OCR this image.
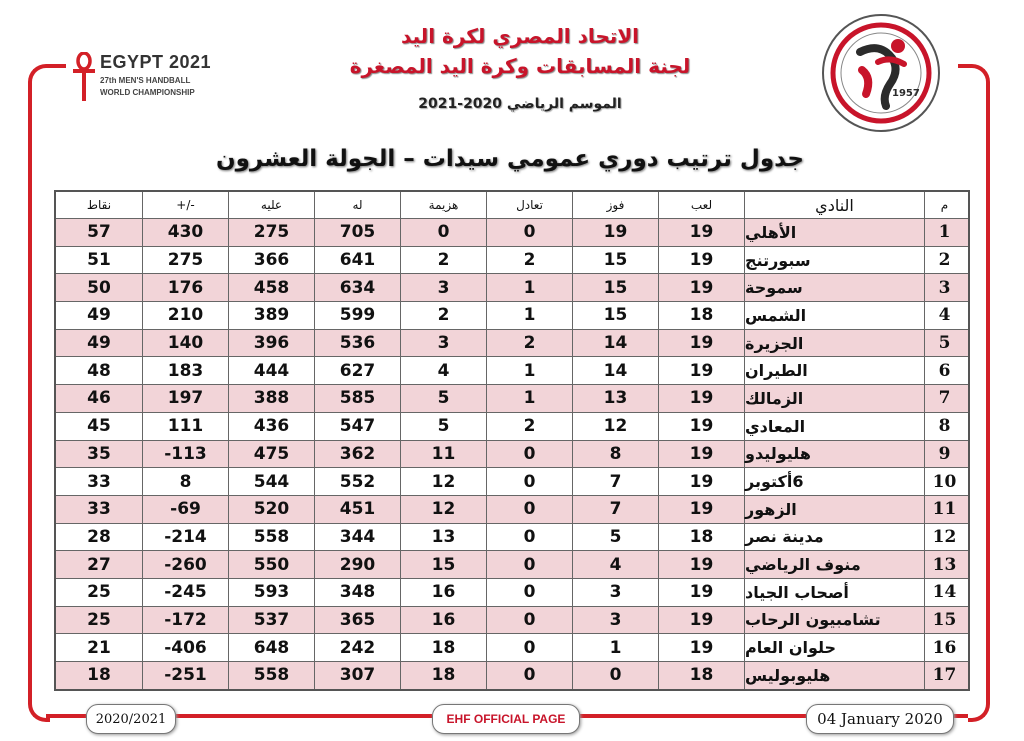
EGYPT 2021
27th MEN'S HANDBALL
WORLD CHAMPIONSHIP	1957
الاتحاد المصري لكرة اليد
لجنة المسابقات وكرة اليد المصغرة
الموسم الرياضي 2020-2021
جدول ترتيب دوري عمومي سيدات – الجولة العشرون
نقاط	+/-	عليه	له	هزيمة	تعادل	فوز	لعب	النادي	م
57	430	275	705	0	0	19	19	الأهلي	1
51	275	366	641	2	2	15	19	سبورتنج	2
50	176	458	634	3	1	15	19	سموحة	3
49	210	389	599	2	1	15	18	الشمس	4
49	140	396	536	3	2	14	19	الجزيرة	5
48	183	444	627	4	1	14	19	الطيران	6
46	197	388	585	5	1	13	19	الزمالك	7
45	111	436	547	5	2	12	19	المعادي	8
35	-113	475	362	11	0	8	19	هليوليدو	9
33	8	544	552	12	0	7	19	6أكتوبر	10
33	-69	520	451	12	0	7	19	الزهور	11
28	-214	558	344	13	0	5	18	مدينة نصر	12
27	-260	550	290	15	0	4	19	منوف الرياضي	13
25	-245	593	348	16	0	3	19	أصحاب الجياد	14
25	-172	537	365	16	0	3	19	تشامبيون الرحاب	15
21	-406	648	242	18	0	1	19	حلوان العام	16
18	-251	558	307	18	0	0	18	هليوبوليس	17
2020/2021	EHF OFFICIAL PAGE	04 January 2020
